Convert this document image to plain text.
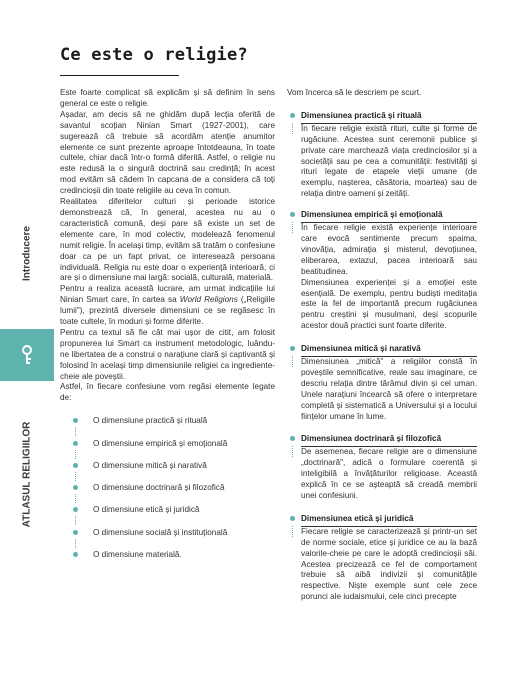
Ce este o religie?
Introducere
ATLASUL RELIGIILOR

Este foarte complicat să explicăm și să definim în sens general ce este o religie.

Așadar, am decis să ne ghidăm după lecția oferită de savantul scoțian Ninian Smart (1927-2001), care sugerează că trebuie să acordăm atenție anumitor elemente ce sunt prezente aproape întotdeauna, în toate cultele, chiar dacă într-o formă diferită. Astfel, o religie nu este redusă la o singură doctrină sau credință; în acest mod evităm să cădem în capcana de a considera că toți credincioșii din toate religiile au ceva în comun.

Realitatea diferitelor culturi și perioade istorice demonstrează că, în general, acestea nu au o caracteristică comună, deși pare să existe un set de elemente care, în mod colectiv, modelează fenomenul numit religie. În același timp, evităm să tratăm o confesiune doar ca pe un fapt privat, ce interesează persoana individuală. Religia nu este doar o experiență interioară, ci are și o dimensiune mai largă: socială, culturală, materială.

Pentru a realiza această lucrare, am urmat indicațiile lui Ninian Smart care, în cartea sa World Religions („Religiile lumii"), prezintă diversele dimensiuni ce se regăsesc în toate cultele, în moduri și forme diferite.

Pentru ca textul să fie cât mai ușor de citit, am folosit propunerea lui Smart ca instrument metodologic, luându-ne libertatea de a construi o narațiune clară și captivantă și folosind în același timp dimensiunile religiei ca ingrediente-cheie ale poveștii.

Astfel, în fiecare confesiune vom regăsi elemente legate de:

O dimensiune practică și rituală
O dimensiune empirică și emoțională
O dimensiune mitică și narativă
O dimensiune doctrinară și filozofică
O dimensiune etică și juridică
O dimensiune socială și instituțională
O dimensiune materială.

Vom încerca să le descriem pe scurt.

Dimensiunea practică și rituală

În fiecare religie există rituri, culte și forme de rugăciune. Acestea sunt ceremonii publice și private care marchează viața credinciosilor și a societății sau pe cea a comunității: festivități și rituri legate de etapele vieții umane (de exemplu, nașterea, căsătoria, moartea) sau de relația dintre oameni și zeități.

Dimensiunea empirică și emoțională

În fiecare religie există experiențe interioare care evocă sentimente precum spaima, vinovăția, admirația și misterul, devoțiunea, eliberarea, extazul, pacea interioară sau beatitudinea.

Dimensiunea experienței și a emoției este esențială. De exemplu, pentru budiști meditația este la fel de importantă precum rugăciunea pentru creștini și musulmani, deși scopurile acestor două practici sunt foarte diferite.

Dimensiunea mitică și narativă

Dimensiunea „mitică" a religiilor constă în poveștile semnificative, reale sau imaginare, ce descriu relația dintre tărâmul divin și cel uman. Unele narațiuni încearcă să ofere o interpretare completă și sistematică a Universului și a locului ființelor umane în lume.

Dimensiunea doctrinară și filozofică

De asemenea, fiecare religie are o dimensiune „doctrinară", adică o formulare coerentă și inteligibilă a învățăturilor religioase. Această explică în ce se așteaptă să creadă membrii unei confesiuni.

Dimensiunea etică și juridică

Fiecare religie se caracterizează și printr-un set de norme sociale, etice și juridice ce au la bază valorile-cheie pe care le adoptă credincioșii săi. Acestea precizează ce fel de comportament trebuie să aibă indivizii și comunitățile respective. Niște exemple sunt cele zece porunci ale iudaismului, cele cinci precepte
